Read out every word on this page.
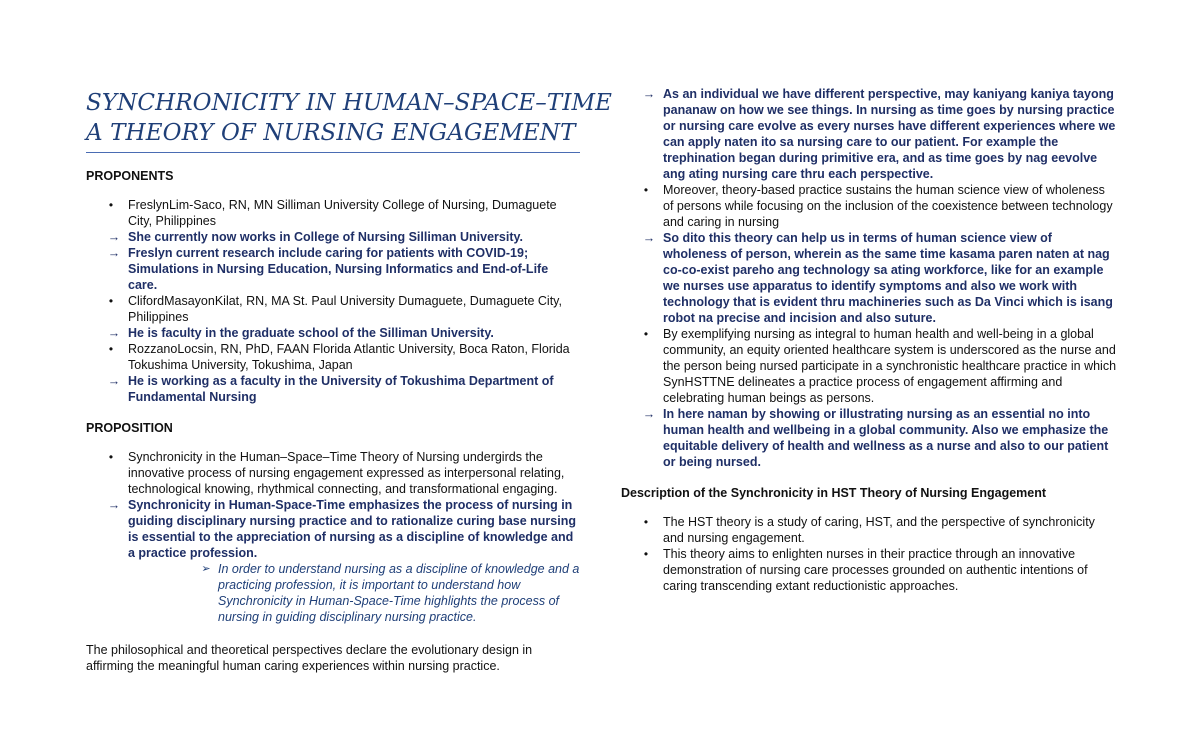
SYNCHRONICITY IN HUMAN–SPACE–TIME
A THEORY OF NURSING ENGAGEMENT
PROPONENTS
•	FreslynLim-Saco, RN, MN Silliman University College of Nursing, Dumaguete City, Philippines
→ She currently now works in College of Nursing Silliman University.
→ Freslyn current research include caring for patients with COVID-19; Simulations in Nursing Education, Nursing Informatics and End-of-Life care.
•	ClifordMasayonKilat, RN, MA St. Paul University Dumaguete, Dumaguete City, Philippines
→ He is faculty in the graduate school of the Silliman University.
•	RozzanoLocsin, RN, PhD, FAAN Florida Atlantic University, Boca Raton, Florida Tokushima University, Tokushima, Japan
→ He is working as a faculty in the University of Tokushima Department of Fundamental Nursing
PROPOSITION
•	Synchronicity in the Human–Space–Time Theory of Nursing undergirds the innovative process of nursing engagement expressed as interpersonal relating, technological knowing, rhythmical connecting, and transformational engaging.
→ Synchronicity in Human-Space-Time emphasizes the process of nursing in guiding disciplinary nursing practice and to rationalize curing base nursing is essential to the appreciation of nursing as a discipline of knowledge and a practice profession.
➢ In order to understand nursing as a discipline of knowledge and a practicing profession, it is important to understand how Synchronicity in Human-Space-Time highlights the process of nursing in guiding disciplinary nursing practice.
The philosophical and theoretical perspectives declare the evolutionary design in affirming the meaningful human caring experiences within nursing practice.
→ As an individual we have different perspective, may kaniyang kaniya tayong pananaw on how we see things. In nursing as time goes by nursing practice or nursing care evolve as every nurses have different experiences where we can apply naten ito sa nursing care to our patient. For example the trephination began during primitive era, and as time goes by nag eevolve ang ating nursing care thru each perspective.
•	Moreover, theory-based practice sustains the human science view of wholeness of persons while focusing on the inclusion of the coexistence between technology and caring in nursing
→ So dito this theory can help us in terms of human science view of wholeness of person, wherein as the same time kasama paren naten at nag co-co-exist pareho ang technology sa ating workforce, like for an example we nurses use apparatus to identify symptoms and also we work with technology that is evident thru machineries such as Da Vinci which is isang robot na precise and incision and also suture.
•	By exemplifying nursing as integral to human health and well-being in a global community, an equity oriented healthcare system is underscored as the nurse and the person being nursed participate in a synchronistic healthcare practice in which SynHSTTNE delineates a practice process of engagement affirming and celebrating human beings as persons.
→ In here naman by showing or illustrating nursing as an essential no into human health and wellbeing in a global community. Also we emphasize the equitable delivery of health and wellness as a nurse and also to our patient or being nursed.
Description of the Synchronicity in HST Theory of Nursing Engagement
•	The HST theory is a study of caring, HST, and the perspective of synchronicity and nursing engagement.
•	This theory aims to enlighten nurses in their practice through an innovative demonstration of nursing care processes grounded on authentic intentions of caring transcending extant reductionistic approaches.
